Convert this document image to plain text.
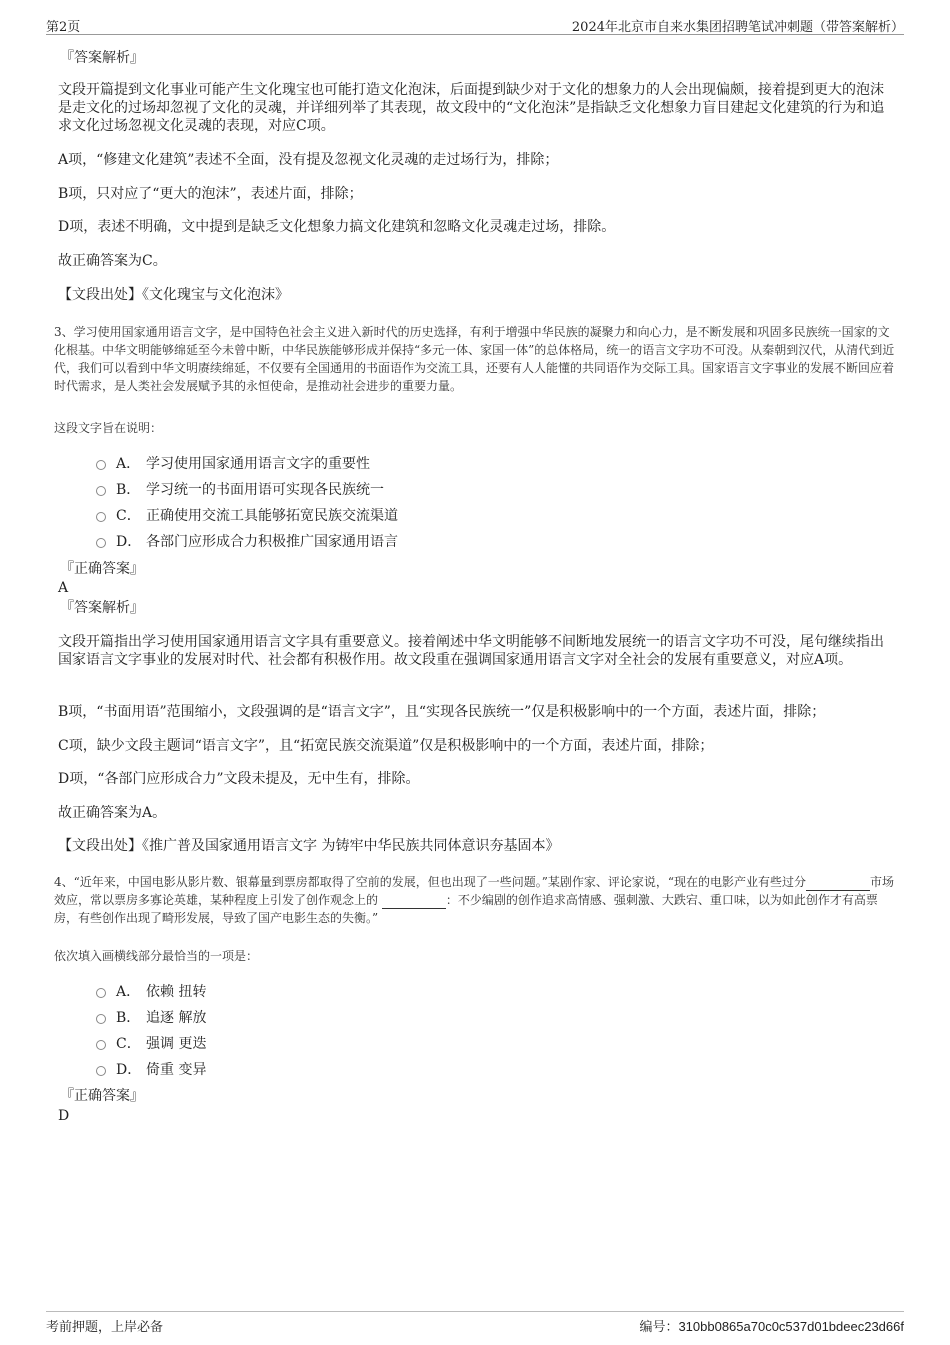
第2页	2024年北京市自来水集团招聘笔试冲刺题（带答案解析）
『答案解析』

文段开篇提到文化事业可能产生文化瑰宝也可能打造文化泡沫，后面提到缺少对于文化的想象力的人会出现偏颇，接着提到更大的泡沫是走文化的过场却忽视了文化的灵魂，并详细列举了其表现，故文段中的“文化泡沫”是指缺乏文化想象力盲目建起文化建筑的行为和追求文化过场忽视文化灵魂的表现，对应C项。

A项，“修建文化建筑”表述不全面，没有提及忽视文化灵魂的走过场行为，排除；

B项，只对应了“更大的泡沫”，表述片面，排除；

D项，表述不明确，文中提到是缺乏文化想象力搞文化建筑和忽略文化灵魂走过场，排除。

故正确答案为C。

【文段出处】《文化瑰宝与文化泡沫》

3、学习使用国家通用语言文字，是中国特色社会主义进入新时代的历史选择，有利于增强中华民族的凝聚力和向心力，是不断发展和巩固多民族统一国家的文化根基。中华文明能够绵延至今未曾中断，中华民族能够形成并保持“多元一体、家国一体”的总体格局，统一的语言文字功不可没。从秦朝到汉代，从清代到近代，我们可以看到中华文明赓续绵延，不仅要有全国通用的书面语作为交流工具，还要有人人能懂的共同语作为交际工具。国家语言文字事业的发展不断回应着时代需求，是人类社会发展赋予其的永恒使命，是推动社会进步的重要力量。

这段文字旨在说明：

A． 学习使用国家通用语言文字的重要性
B． 学习统一的书面用语可实现各民族统一
C． 正确使用交流工具能够拓宽民族交流渠道
D． 各部门应形成合力积极推广国家通用语言
『正确答案』
A
『答案解析』

文段开篇指出学习使用国家通用语言文字具有重要意义。接着阐述中华文明能够不间断地发展统一的语言文字功不可没，尾句继续指出国家语言文字事业的发展对时代、社会都有积极作用。故文段重在强调国家通用语言文字对全社会的发展有重要意义，对应A项。

B项，“书面用语”范围缩小，文段强调的是“语言文字”，且“实现各民族统一”仅是积极影响中的一个方面，表述片面，排除；

C项，缺少文段主题词“语言文字”，且“拓宽民族交流渠道”仅是积极影响中的一个方面，表述片面，排除；

D项，“各部门应形成合力”文段未提及，无中生有，排除。

故正确答案为A。

【文段出处】《推广普及国家通用语言文字 为铸牢中华民族共同体意识夯基固本》

4、“近年来，中国电影从影片数、银幕量到票房都取得了空前的发展，但也出现了一些问题。”某剧作家、评论家说，“现在的电影产业有些过分	市场效应，常以票房多寡论英雄，某种程度上引发了创作观念上的	：不少编剧的创作追求高情感、强刺激、大跌宕、重口味，以为如此创作才有高票房，有些创作出现了畸形发展，导致了国产电影生态的失衡。”

依次填入画横线部分最恰当的一项是：

A． 依赖 扭转
B． 追逐 解放
C． 强调 更迭
D． 倚重 变异
『正确答案』
D
考前押题，上岸必备	编号：310bb0865a70c0c537d01bdeec23d66f
